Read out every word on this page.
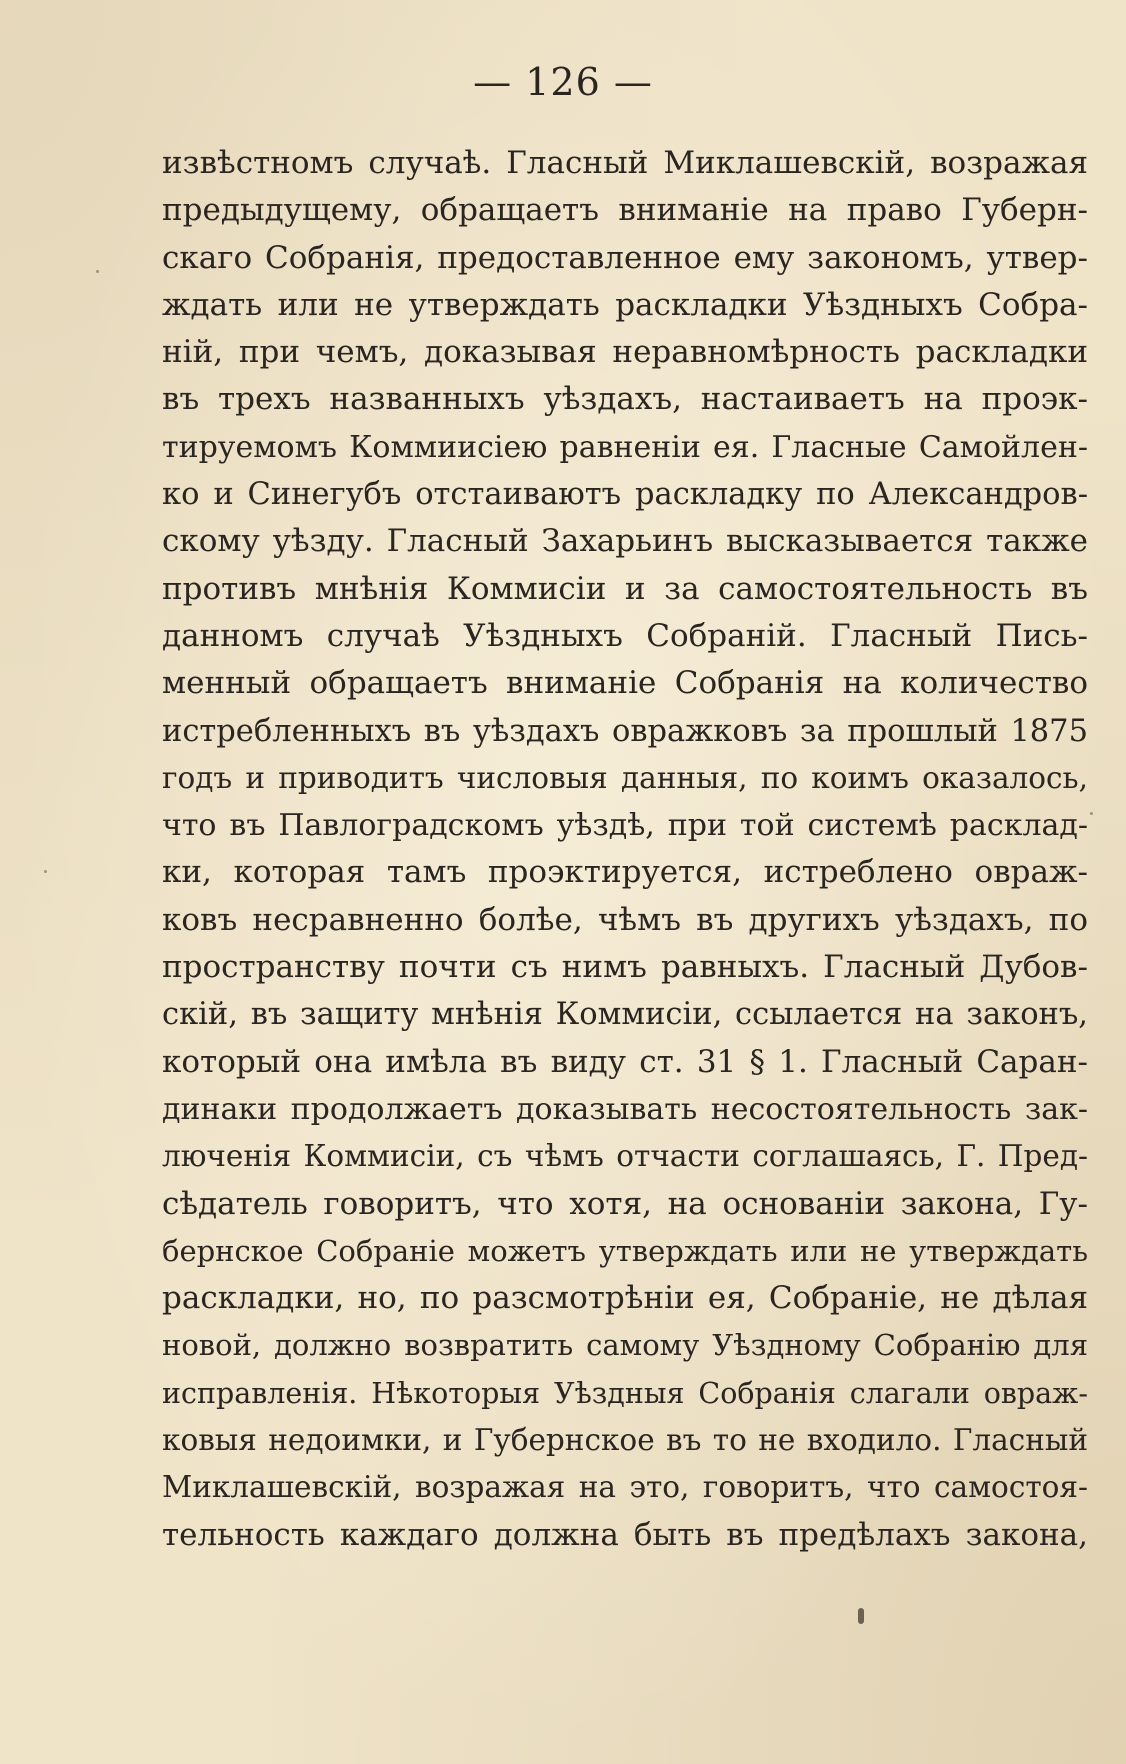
— 126 —
извѣстномъ случаѣ. Гласный Миклашевскій, возражая
предыдущему, обращаетъ вниманіе на право Губерн-
скаго Собранія, предоставленное ему закономъ, утвер-
ждать или не утверждать раскладки Уѣздныхъ Собра-
ній, при чемъ, доказывая неравномѣрность раскладки
въ трехъ названныхъ уѣздахъ, настаиваетъ на проэк-
тируемомъ Коммиисіею равненіи ея. Гласные Самойлен-
ко и Синегубъ отстаиваютъ раскладку по Александров-
скому уѣзду. Гласный Захарьинъ высказывается также
противъ мнѣнія Коммисіи и за самостоятельность въ
данномъ случаѣ Уѣздныхъ Собраній. Гласный Пись-
менный обращаетъ вниманіе Собранія на количество
истребленныхъ въ уѣздахъ овражковъ за прошлый 1875
годъ и приводитъ числовыя данныя, по коимъ оказалось,
что въ Павлоградскомъ уѣздѣ, при той системѣ расклад-
ки, которая тамъ проэктируется, истреблено овраж-
ковъ несравненно болѣе, чѣмъ въ другихъ уѣздахъ, по
пространству почти съ нимъ равныхъ. Гласный Дубов-
скій, въ защиту мнѣнія Коммисіи, ссылается на законъ,
который она имѣла въ виду ст. 31 § 1. Гласный Саран-
динаки продолжаетъ доказывать несостоятельность зак-
люченія Коммисіи, съ чѣмъ отчасти соглашаясь, Г. Пред-
сѣдатель говоритъ, что хотя, на основаніи закона, Гу-
бернское Собраніе можетъ утверждать или не утверждать
раскладки, но, по разсмотрѣніи ея, Собраніе, не дѣлая
новой, должно возвратить самому Уѣздному Собранію для
исправленія. Нѣкоторыя Уѣздныя Собранія слагали овраж-
ковыя недоимки, и Губернское въ то не входило. Гласный
Миклашевскій, возражая на это, говоритъ, что самостоя-
тельность каждаго должна быть въ предѣлахъ закона,
